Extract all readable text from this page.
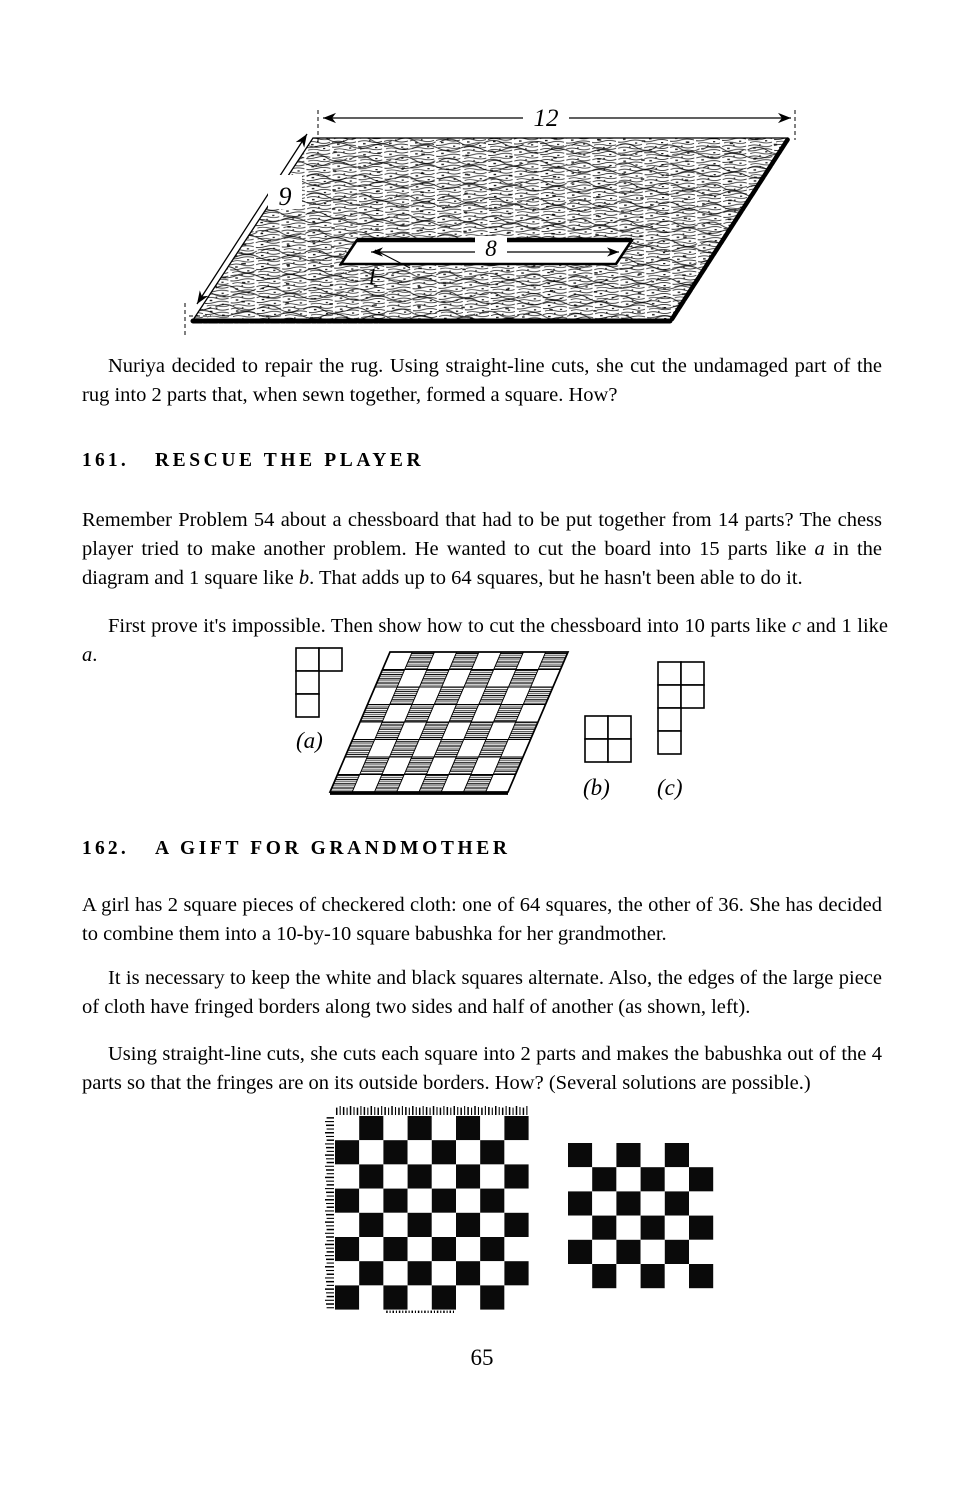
12
9
8
1
Nuriya decided to repair the rug. Using straight-line cuts, she cut the undamaged part of the rug into 2 parts that, when sewn together, formed a square. How?
161. RESCUE THE PLAYER
Remember Problem 54 about a chessboard that had to be put together from 14 parts? The chess player tried to make another problem. He wanted to cut the board into 15 parts like a in the diagram and 1 square like b. That adds up to 64 squares, but he hasn't been able to do it.
First prove it's impossible. Then show how to cut the chessboard into 10 parts like c and 1 like a.
(a)
(b) (c)
162. A GIFT FOR GRANDMOTHER
A girl has 2 square pieces of checkered cloth: one of 64 squares, the other of 36. She has decided to combine them into a 10-by-10 square babushka for her grandmother.
It is necessary to keep the white and black squares alternate. Also, the edges of the large piece of cloth have fringed borders along two sides and half of another (as shown, left).
Using straight-line cuts, she cuts each square into 2 parts and makes the babushka out of the 4 parts so that the fringes are on its outside borders. How? (Several solutions are possible.)
65
